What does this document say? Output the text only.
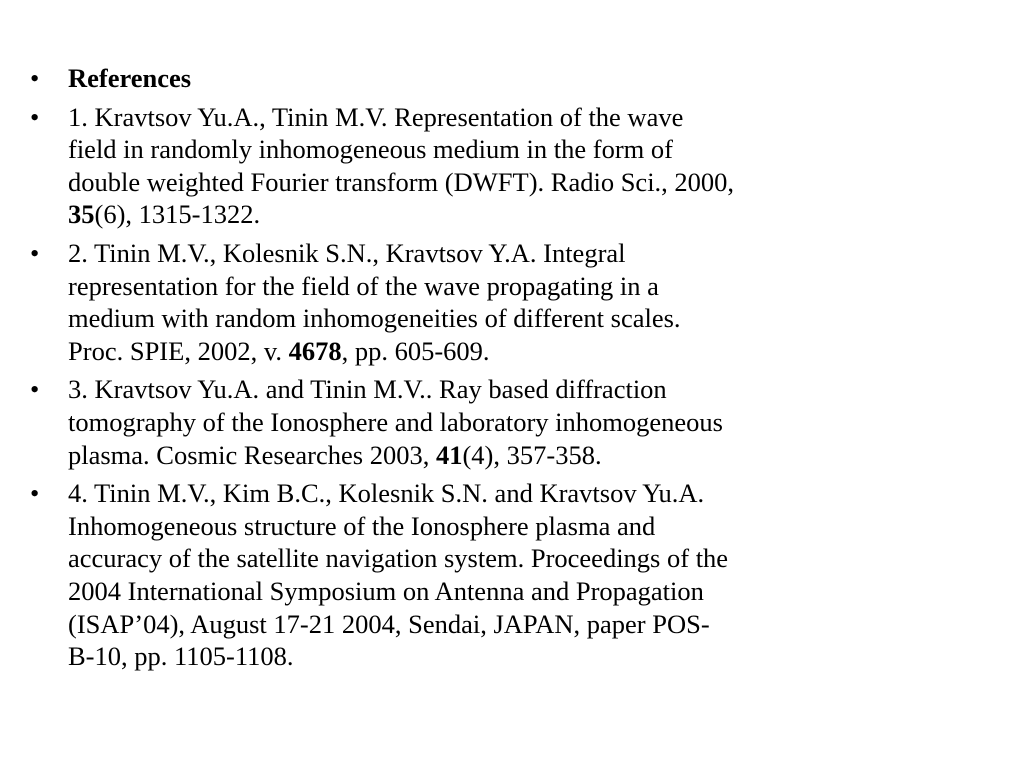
•	References
•	1. Kravtsov Yu.A., Tinin M.V. Representation of the wave
field in randomly inhomogeneous medium in the form of
double weighted Fourier transform (DWFT). Radio Sci., 2000,
35(6), 1315-1322.
•	2. Tinin M.V., Kolesnik S.N., Kravtsov Y.A. Integral
representation for the field of the wave propagating in a
medium with random inhomogeneities of different scales.
Proc. SPIE, 2002, v. 4678, pp. 605-609.
•	3. Kravtsov Yu.A. and Tinin M.V.. Ray based diffraction
tomography of the Ionosphere and laboratory inhomogeneous
plasma. Cosmic Researches 2003, 41(4), 357-358.
•	4. Tinin M.V., Kim B.C., Kolesnik S.N. and Kravtsov Yu.A.
Inhomogeneous structure of the Ionosphere plasma and
accuracy of the satellite navigation system. Proceedings of the
2004 International Symposium on Antenna and Propagation
(ISAP’04), August 17-21 2004, Sendai, JAPAN, paper POS-
B-10, pp. 1105-1108.
